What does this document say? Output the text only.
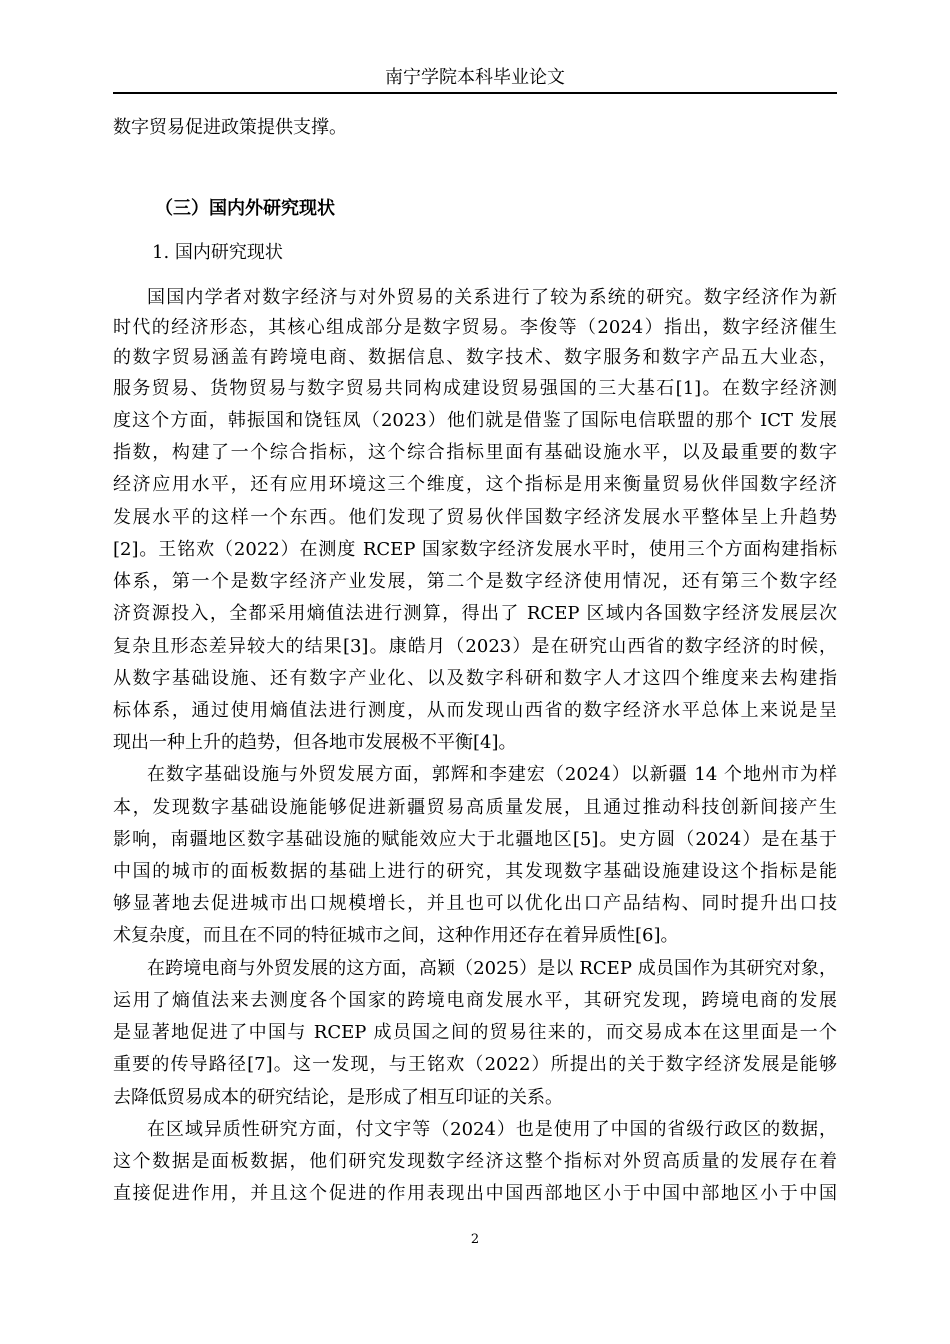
南宁学院本科毕业论文
数字贸易促进政策提供支撑。
（三）国内外研究现状
1. 国内研究现状
国国内学者对数字经济与对外贸易的关系进行了较为系统的研究。数字经济作为新
时代的经济形态，其核心组成部分是数字贸易。李俊等（2024）指出，数字经济催生
的数字贸易涵盖有跨境电商、数据信息、数字技术、数字服务和数字产品五大业态，
服务贸易、货物贸易与数字贸易共同构成建设贸易强国的三大基石[1]。在数字经济测
度这个方面，韩振国和饶钰凤（2023）他们就是借鉴了国际电信联盟的那个 ICT 发展
指数，构建了一个综合指标，这个综合指标里面有基础设施水平，以及最重要的数字
经济应用水平，还有应用环境这三个维度，这个指标是用来衡量贸易伙伴国数字经济
发展水平的这样一个东西。他们发现了贸易伙伴国数字经济发展水平整体呈上升趋势
[2]。王铭欢（2022）在测度 RCEP 国家数字经济发展水平时，使用三个方面构建指标
体系，第一个是数字经济产业发展，第二个是数字经济使用情况，还有第三个数字经
济资源投入，全都采用熵值法进行测算，得出了 RCEP 区域内各国数字经济发展层次
复杂且形态差异较大的结果[3]。康皓月（2023）是在研究山西省的数字经济的时候，
从数字基础设施、还有数字产业化、以及数字科研和数字人才这四个维度来去构建指
标体系，通过使用熵值法进行测度，从而发现山西省的数字经济水平总体上来说是呈
现出一种上升的趋势，但各地市发展极不平衡[4]。
在数字基础设施与外贸发展方面，郭辉和李建宏（2024）以新疆 14 个地州市为样
本，发现数字基础设施能够促进新疆贸易高质量发展，且通过推动科技创新间接产生
影响，南疆地区数字基础设施的赋能效应大于北疆地区[5]。史方圆（2024）是在基于
中国的城市的面板数据的基础上进行的研究，其发现数字基础设施建设这个指标是能
够显著地去促进城市出口规模增长，并且也可以优化出口产品结构、同时提升出口技
术复杂度，而且在不同的特征城市之间，这种作用还存在着异质性[6]。
在跨境电商与外贸发展的这方面，高颖（2025）是以 RCEP 成员国作为其研究对象，
运用了熵值法来去测度各个国家的跨境电商发展水平，其研究发现，跨境电商的发展
是显著地促进了中国与 RCEP 成员国之间的贸易往来的，而交易成本在这里面是一个
重要的传导路径[7]。这一发现，与王铭欢（2022）所提出的关于数字经济发展是能够
去降低贸易成本的研究结论，是形成了相互印证的关系。
在区域异质性研究方面，付文宇等（2024）也是使用了中国的省级行政区的数据，
这个数据是面板数据，他们研究发现数字经济这整个指标对外贸高质量的发展存在着
直接促进作用，并且这个促进的作用表现出中国西部地区小于中国中部地区小于中国
2
